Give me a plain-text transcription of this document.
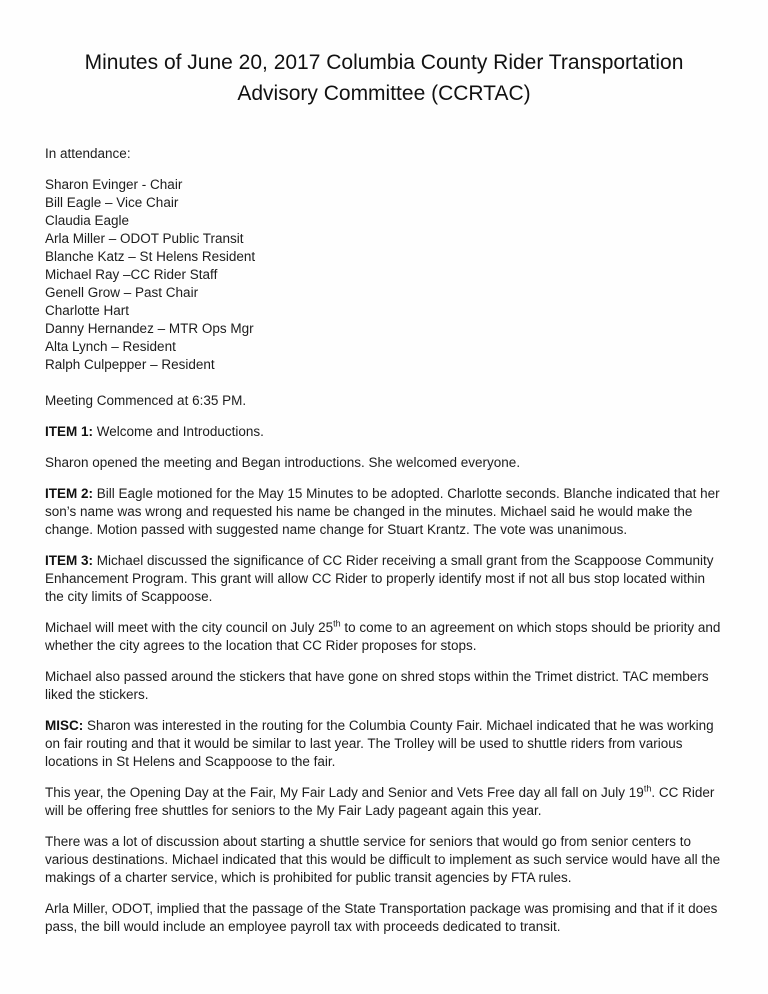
Minutes of June 20, 2017 Columbia County Rider Transportation Advisory Committee (CCRTAC)

In attendance:

Sharon Evinger - Chair
Bill Eagle – Vice Chair
Claudia Eagle
Arla Miller – ODOT Public Transit
Blanche Katz – St Helens Resident
Michael Ray –CC Rider Staff
Genell Grow – Past Chair
Charlotte Hart
Danny Hernandez – MTR Ops Mgr
Alta Lynch – Resident
Ralph Culpepper – Resident

Meeting Commenced at 6:35 PM.

ITEM 1: Welcome and Introductions.

Sharon opened the meeting and Began introductions. She welcomed everyone.

ITEM 2: Bill Eagle motioned for the May 15 Minutes to be adopted. Charlotte seconds. Blanche indicated that her son’s name was wrong and requested his name be changed in the minutes. Michael said he would make the change. Motion passed with suggested name change for Stuart Krantz. The vote was unanimous.

ITEM 3: Michael discussed the significance of CC Rider receiving a small grant from the Scappoose Community Enhancement Program. This grant will allow CC Rider to properly identify most if not all bus stop located within the city limits of Scappoose.

Michael will meet with the city council on July 25th to come to an agreement on which stops should be priority and whether the city agrees to the location that CC Rider proposes for stops.

Michael also passed around the stickers that have gone on shred stops within the Trimet district. TAC members liked the stickers.

MISC: Sharon was interested in the routing for the Columbia County Fair. Michael indicated that he was working on fair routing and that it would be similar to last year. The Trolley will be used to shuttle riders from various locations in St Helens and Scappoose to the fair.

This year, the Opening Day at the Fair, My Fair Lady and Senior and Vets Free day all fall on July 19th. CC Rider will be offering free shuttles for seniors to the My Fair Lady pageant again this year.

There was a lot of discussion about starting a shuttle service for seniors that would go from senior centers to various destinations. Michael indicated that this would be difficult to implement as such service would have all the makings of a charter service, which is prohibited for public transit agencies by FTA rules.

Arla Miller, ODOT, implied that the passage of the State Transportation package was promising and that if it does pass, the bill would include an employee payroll tax with proceeds dedicated to transit.
